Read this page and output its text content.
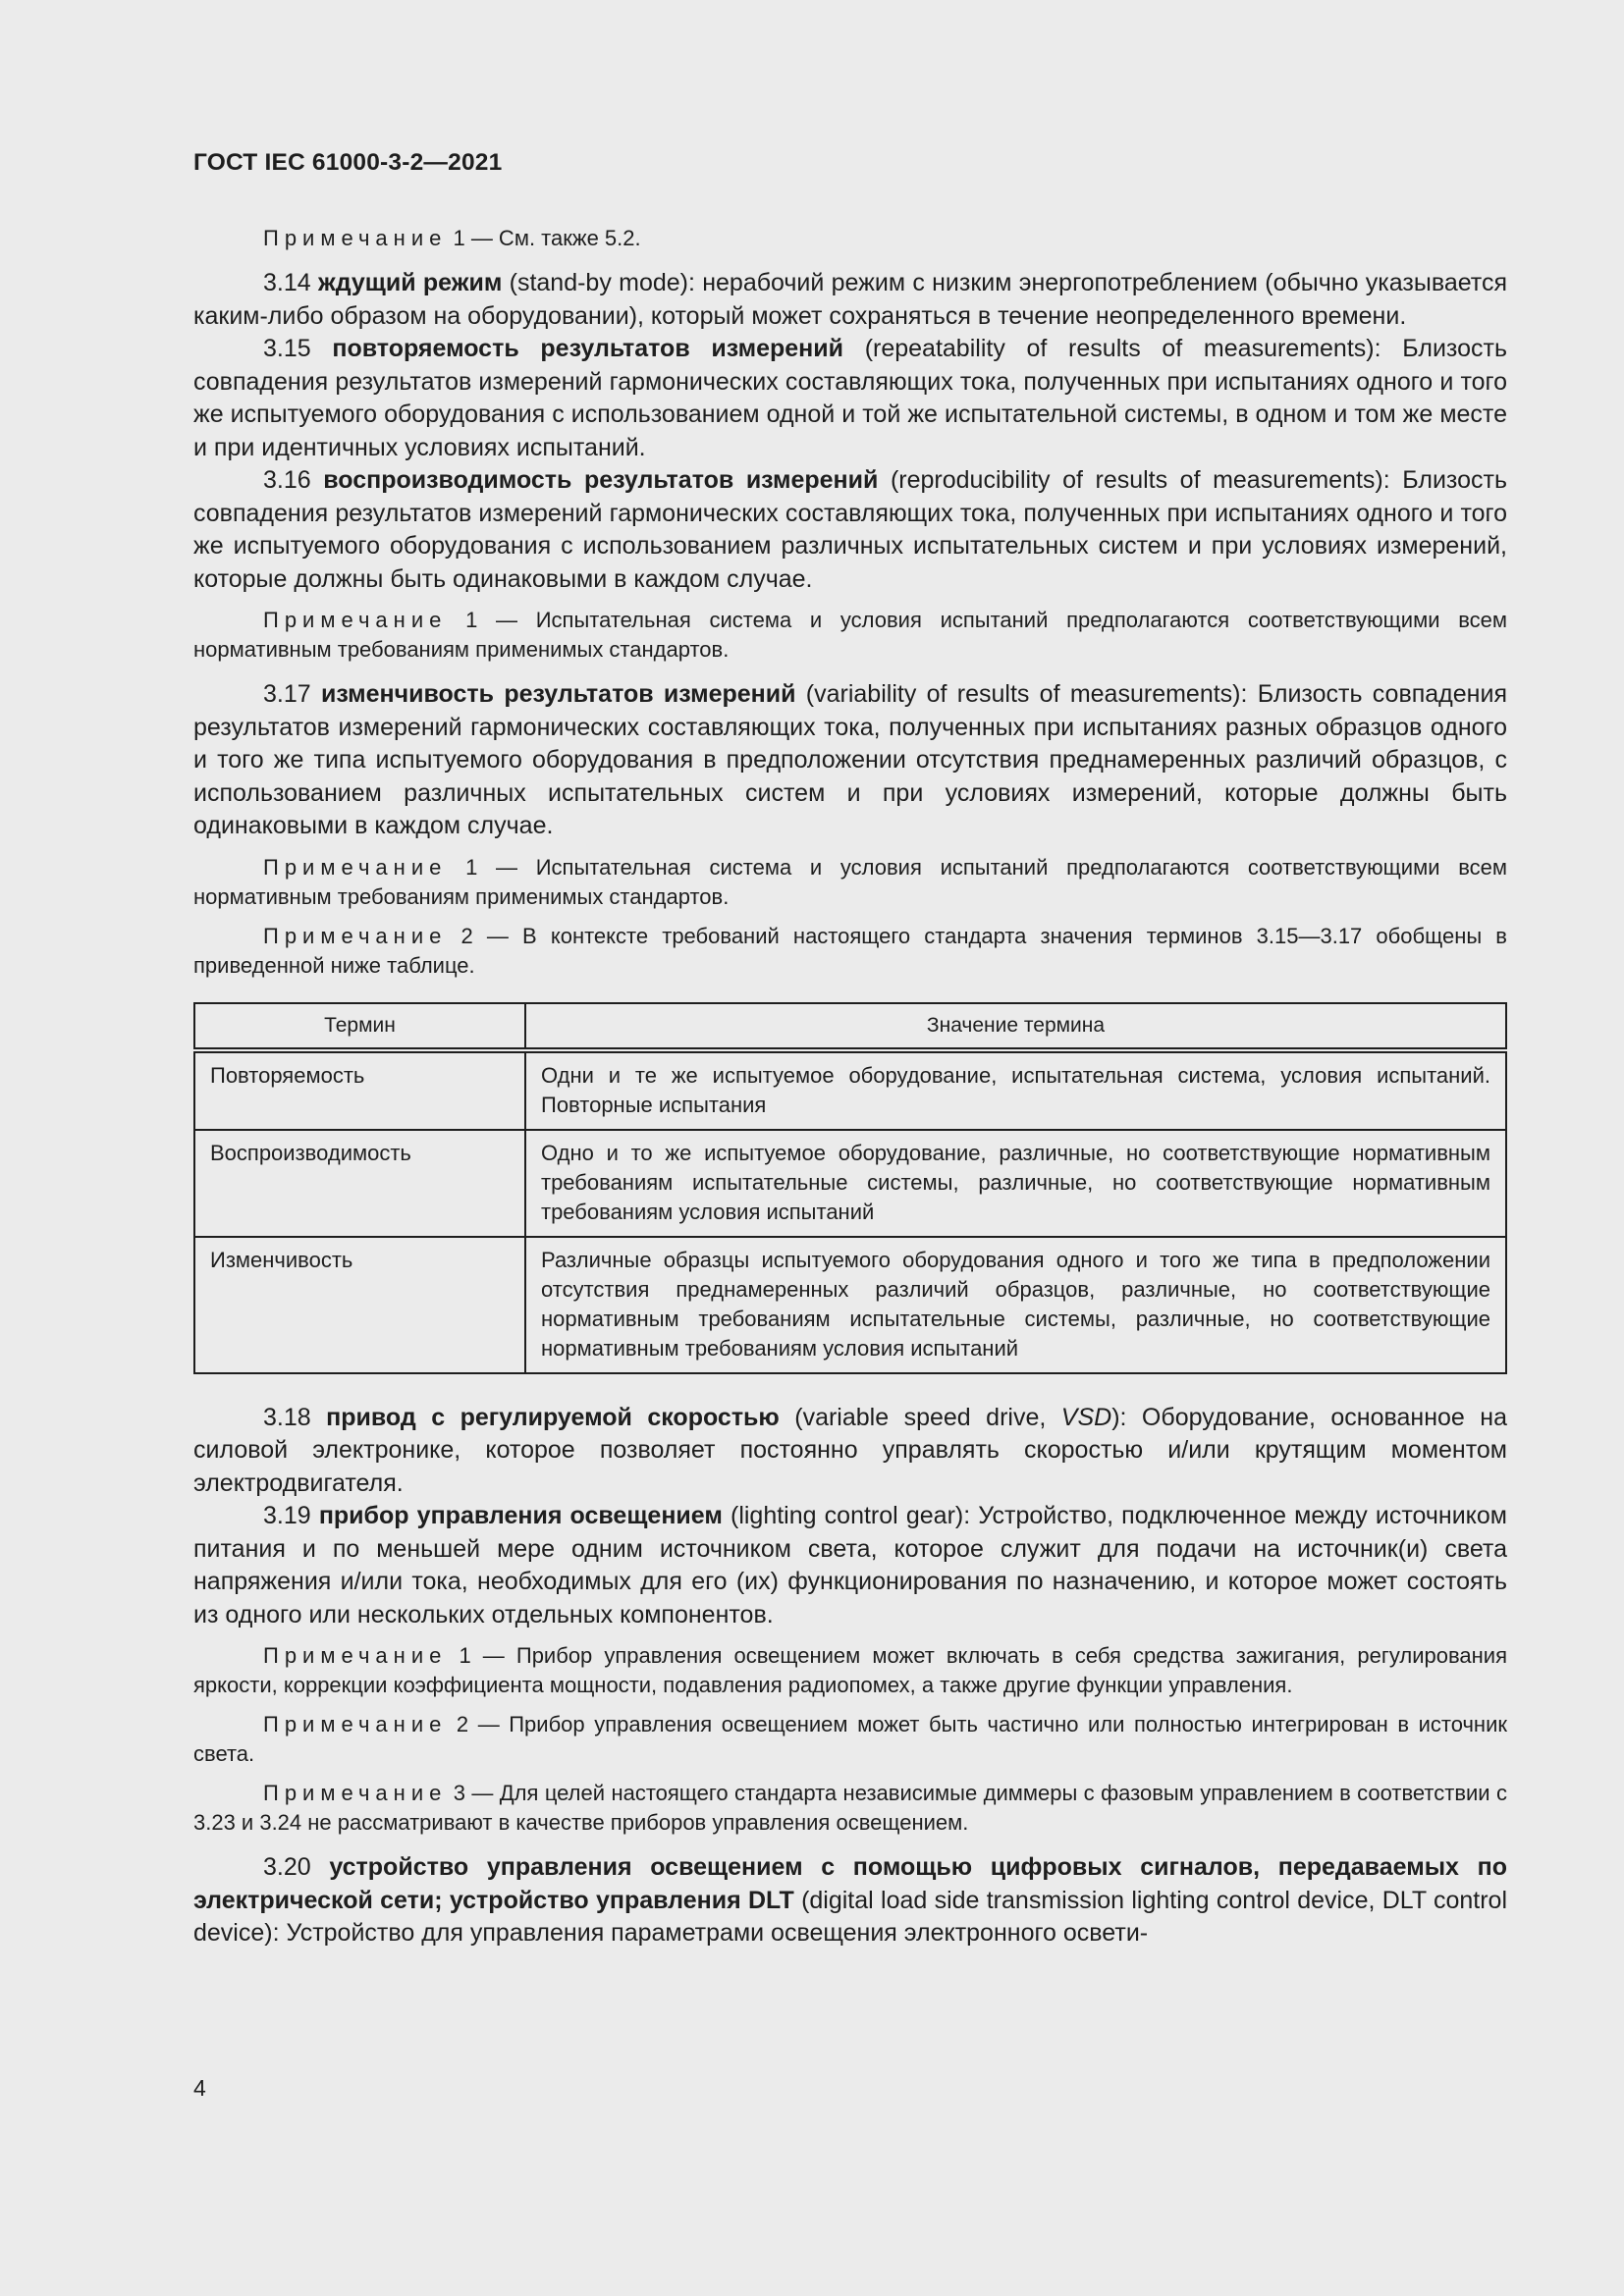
ГОСТ IEC 61000-3-2—2021

Примечание 1 — См. также 5.2.

3.14 ждущий режим (stand-by mode): нерабочий режим с низким энергопотреблением (обычно указывается каким-либо образом на оборудовании), который может сохраняться в течение неопределенного времени.

3.15 повторяемость результатов измерений (repeatability of results of measurements): Близость совпадения результатов измерений гармонических составляющих тока, полученных при испытаниях одного и того же испытуемого оборудования с использованием одной и той же испытательной системы, в одном и том же месте и при идентичных условиях испытаний.

3.16 воспроизводимость результатов измерений (reproducibility of results of measurements): Близость совпадения результатов измерений гармонических составляющих тока, полученных при испытаниях одного и того же испытуемого оборудования с использованием различных испытательных систем и при условиях измерений, которые должны быть одинаковыми в каждом случае.

Примечание 1 — Испытательная система и условия испытаний предполагаются соответствующими всем нормативным требованиям применимых стандартов.

3.17 изменчивость результатов измерений (variability of results of measurements): Близость совпадения результатов измерений гармонических составляющих тока, полученных при испытаниях разных образцов одного и того же типа испытуемого оборудования в предположении отсутствия преднамеренных различий образцов, с использованием различных испытательных систем и при условиях измерений, которые должны быть одинаковыми в каждом случае.

Примечание 1 — Испытательная система и условия испытаний предполагаются соответствующими всем нормативным требованиям применимых стандартов.

Примечание 2 — В контексте требований настоящего стандарта значения терминов 3.15—3.17 обобщены в приведенной ниже таблице.

Термин	Значение термина
Повторяемость	Одни и те же испытуемое оборудование, испытательная система, условия испытаний. Повторные испытания
Воспроизводимость	Одно и то же испытуемое оборудование, различные, но соответствующие нормативным требованиям испытательные системы, различные, но соответствующие нормативным требованиям условия испытаний
Изменчивость	Различные образцы испытуемого оборудования одного и того же типа в предположении отсутствия преднамеренных различий образцов, различные, но соответствующие нормативным требованиям испытательные системы, различные, но соответствующие нормативным требованиям условия испытаний

3.18 привод с регулируемой скоростью (variable speed drive, VSD): Оборудование, основанное на силовой электронике, которое позволяет постоянно управлять скоростью и/или крутящим моментом электродвигателя.

3.19 прибор управления освещением (lighting control gear): Устройство, подключенное между источником питания и по меньшей мере одним источником света, которое служит для подачи на источник(и) света напряжения и/или тока, необходимых для его (их) функционирования по назначению, и которое может состоять из одного или нескольких отдельных компонентов.

Примечание 1 — Прибор управления освещением может включать в себя средства зажигания, регулирования яркости, коррекции коэффициента мощности, подавления радиопомех, а также другие функции управления.

Примечание 2 — Прибор управления освещением может быть частично или полностью интегрирован в источник света.

Примечание 3 — Для целей настоящего стандарта независимые диммеры с фазовым управлением в соответствии с 3.23 и 3.24 не рассматривают в качестве приборов управления освещением.

3.20 устройство управления освещением с помощью цифровых сигналов, передаваемых по электрической сети; устройство управления DLT (digital load side transmission lighting control device, DLT control device): Устройство для управления параметрами освещения электронного освети-

4
